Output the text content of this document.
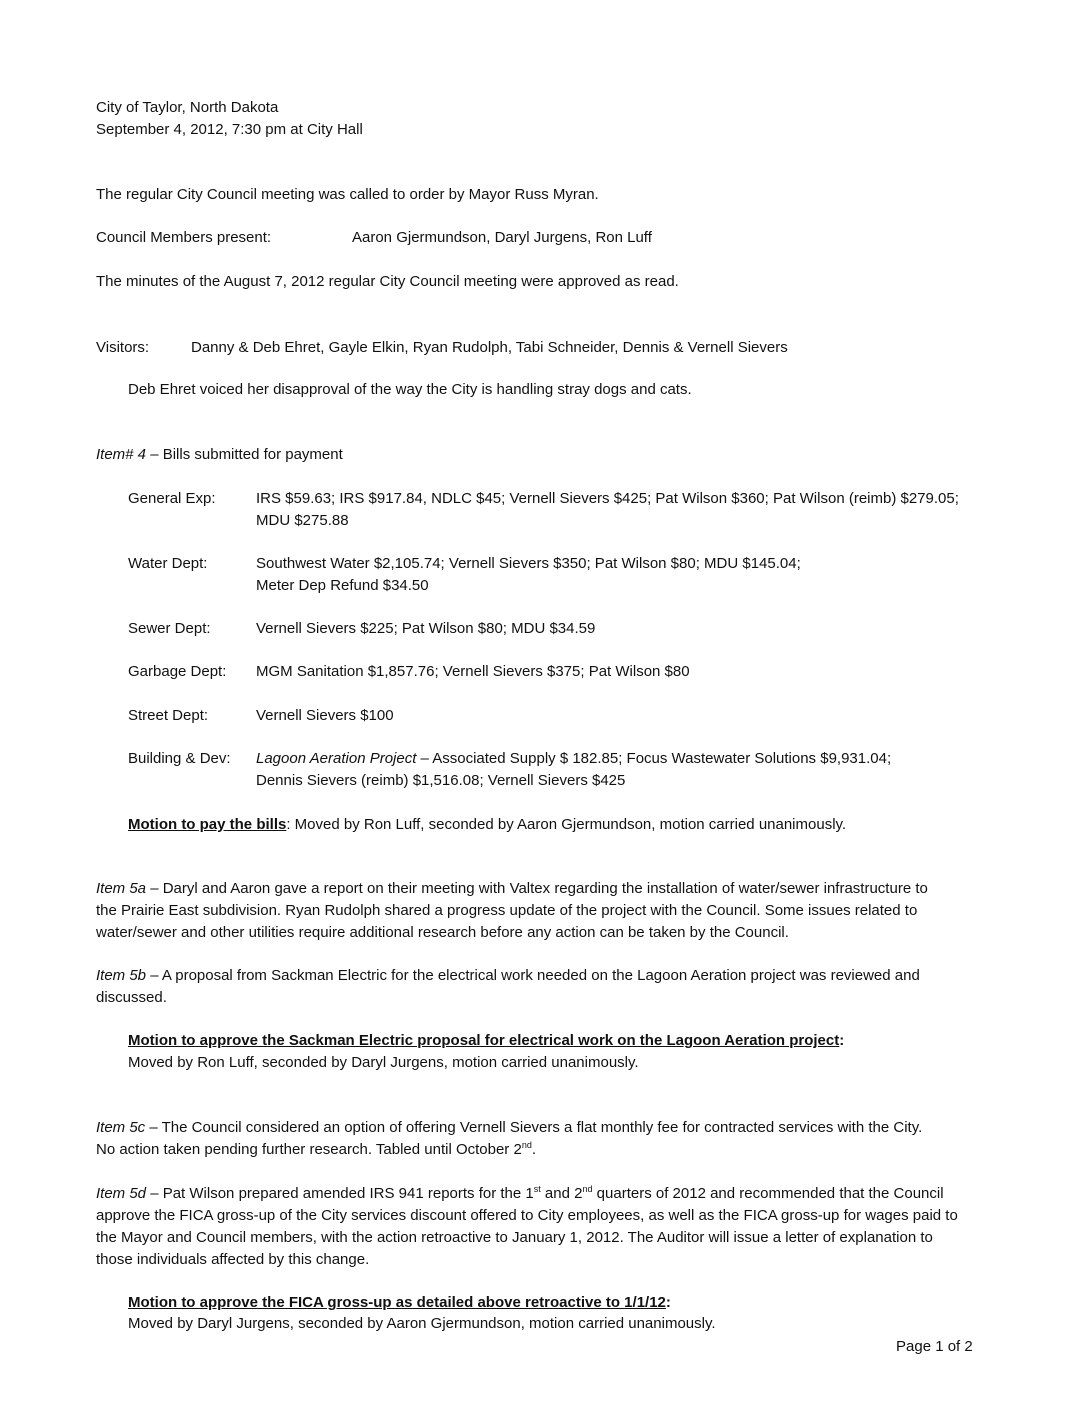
City of Taylor, North Dakota
September 4, 2012, 7:30 pm at City Hall
The regular City Council meeting was called to order by Mayor Russ Myran.
Council Members present:	Aaron Gjermundson, Daryl Jurgens, Ron Luff
The minutes of the August 7, 2012 regular City Council meeting were approved as read.
Visitors:	Danny & Deb Ehret, Gayle Elkin, Ryan Rudolph, Tabi Schneider, Dennis & Vernell Sievers
Deb Ehret voiced her disapproval of the way the City is handling stray dogs and cats.
Item# 4 – Bills submitted for payment
General Exp:	IRS $59.63; IRS $917.84, NDLC $45; Vernell Sievers $425; Pat Wilson $360; Pat Wilson (reimb) $279.05;
MDU $275.88
Water Dept:	Southwest Water $2,105.74; Vernell Sievers $350; Pat Wilson $80; MDU $145.04;
Meter Dep Refund $34.50
Sewer Dept:	Vernell Sievers $225; Pat Wilson $80; MDU $34.59
Garbage Dept: MGM Sanitation $1,857.76; Vernell Sievers $375; Pat Wilson $80
Street Dept:	Vernell Sievers $100
Building & Dev: Lagoon Aeration Project – Associated Supply $ 182.85; Focus Wastewater Solutions $9,931.04;
Dennis Sievers (reimb) $1,516.08; Vernell Sievers $425
Motion to pay the bills: Moved by Ron Luff, seconded by Aaron Gjermundson, motion carried unanimously.
Item 5a – Daryl and Aaron gave a report on their meeting with Valtex regarding the installation of water/sewer infrastructure to
the Prairie East subdivision. Ryan Rudolph shared a progress update of the project with the Council. Some issues related to
water/sewer and other utilities require additional research before any action can be taken by the Council.
Item 5b – A proposal from Sackman Electric for the electrical work needed on the Lagoon Aeration project was reviewed and
discussed.
Motion to approve the Sackman Electric proposal for electrical work on the Lagoon Aeration project:
Moved by Ron Luff, seconded by Daryl Jurgens, motion carried unanimously.
Item 5c – The Council considered an option of offering Vernell Sievers a flat monthly fee for contracted services with the City.
No action taken pending further research. Tabled until October 2nd.
Item 5d – Pat Wilson prepared amended IRS 941 reports for the 1st and 2nd quarters of 2012 and recommended that the Council
approve the FICA gross-up of the City services discount offered to City employees, as well as the FICA gross-up for wages paid to
the Mayor and Council members, with the action retroactive to January 1, 2012. The Auditor will issue a letter of explanation to
those individuals affected by this change.
Motion to approve the FICA gross-up as detailed above retroactive to 1/1/12:
Moved by Daryl Jurgens, seconded by Aaron Gjermundson, motion carried unanimously.
Page 1 of 2
